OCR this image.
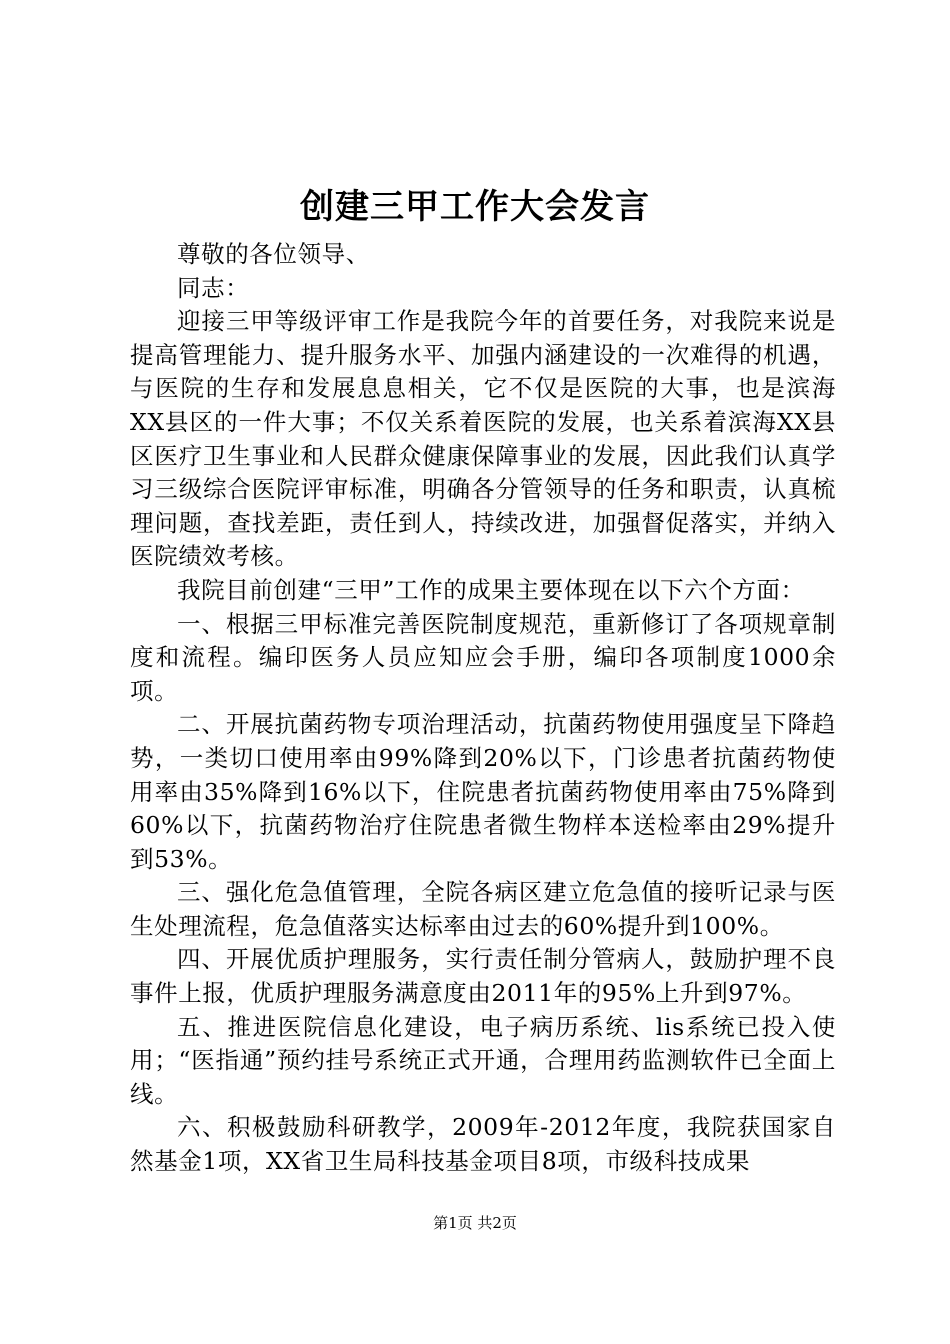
创建三甲工作大会发言

尊敬的各位领导、

同志：

迎接三甲等级评审工作是我院今年的首要任务，对我院来说是提高管理能力、提升服务水平、加强内涵建设的一次难得的机遇，与医院的生存和发展息息相关，它不仅是医院的大事，也是滨海XX县区的一件大事；不仅关系着医院的发展，也关系着滨海XX县区医疗卫生事业和人民群众健康保障事业的发展，因此我们认真学习三级综合医院评审标准，明确各分管领导的任务和职责，认真梳理问题，查找差距，责任到人，持续改进，加强督促落实，并纳入医院绩效考核。

我院目前创建“三甲”工作的成果主要体现在以下六个方面：

一、根据三甲标准完善医院制度规范，重新修订了各项规章制度和流程。编印医务人员应知应会手册，编印各项制度1000余项。

二、开展抗菌药物专项治理活动，抗菌药物使用强度呈下降趋势，一类切口使用率由99%降到20%以下，门诊患者抗菌药物使用率由35%降到16%以下，住院患者抗菌药物使用率由75%降到60%以下，抗菌药物治疗住院患者微生物样本送检率由29%提升到53%。

三、强化危急值管理，全院各病区建立危急值的接听记录与医生处理流程，危急值落实达标率由过去的60%提升到100%。

四、开展优质护理服务，实行责任制分管病人，鼓励护理不良事件上报，优质护理服务满意度由2011年的95%上升到97%。

五、推进医院信息化建设，电子病历系统、lis系统已投入使用；“医指通”预约挂号系统正式开通，合理用药监测软件已全面上线。

六、积极鼓励科研教学，2009年-2012年度，我院获国家自然基金1项，XX省卫生局科技基金项目8项，市级科技成果

第1页 共2页
